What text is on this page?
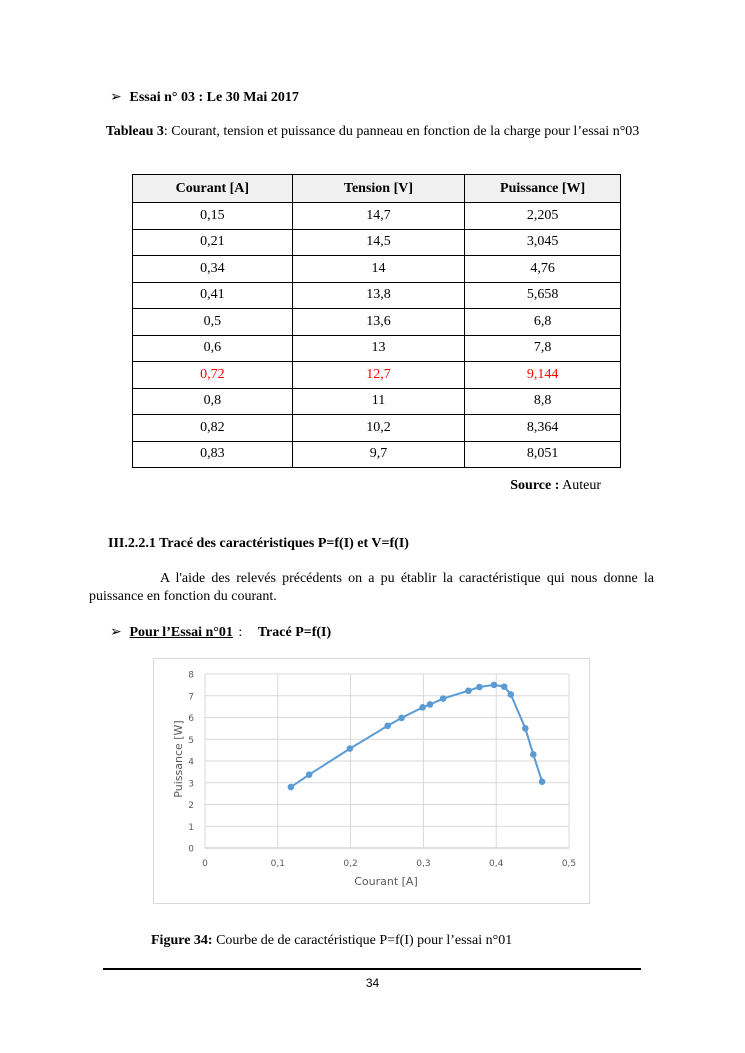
➢ Essai n° 03 : Le 30 Mai 2017
Tableau 3: Courant, tension et puissance du panneau en fonction de la charge pour l’essai n°03
Courant [A]	Tension [V]	Puissance [W]
0,15	14,7	2,205
0,21	14,5	3,045
0,34	14	4,76
0,41	13,8	5,658
0,5	13,6	6,8
0,6	13	7,8
0,72	12,7	9,144
0,8	11	8,8
0,82	10,2	8,364
0,83	9,7	8,051
Source : Auteur
III.2.2.1 Tracé des caractéristiques P=f(I) et V=f(I)
A l'aide des relevés précédents on a pu établir la caractéristique qui nous donne la puissance en fonction du courant.
➢ Pour l’Essai n°01 : Tracé P=f(I)
0
1
2
3
4
5
6
7
8
0	0,1	0,2	0,3	0,4	0,5
Courant [A]
Puissance [W]
Figure 34: Courbe de de caractéristique P=f(I) pour l’essai n°01
34
